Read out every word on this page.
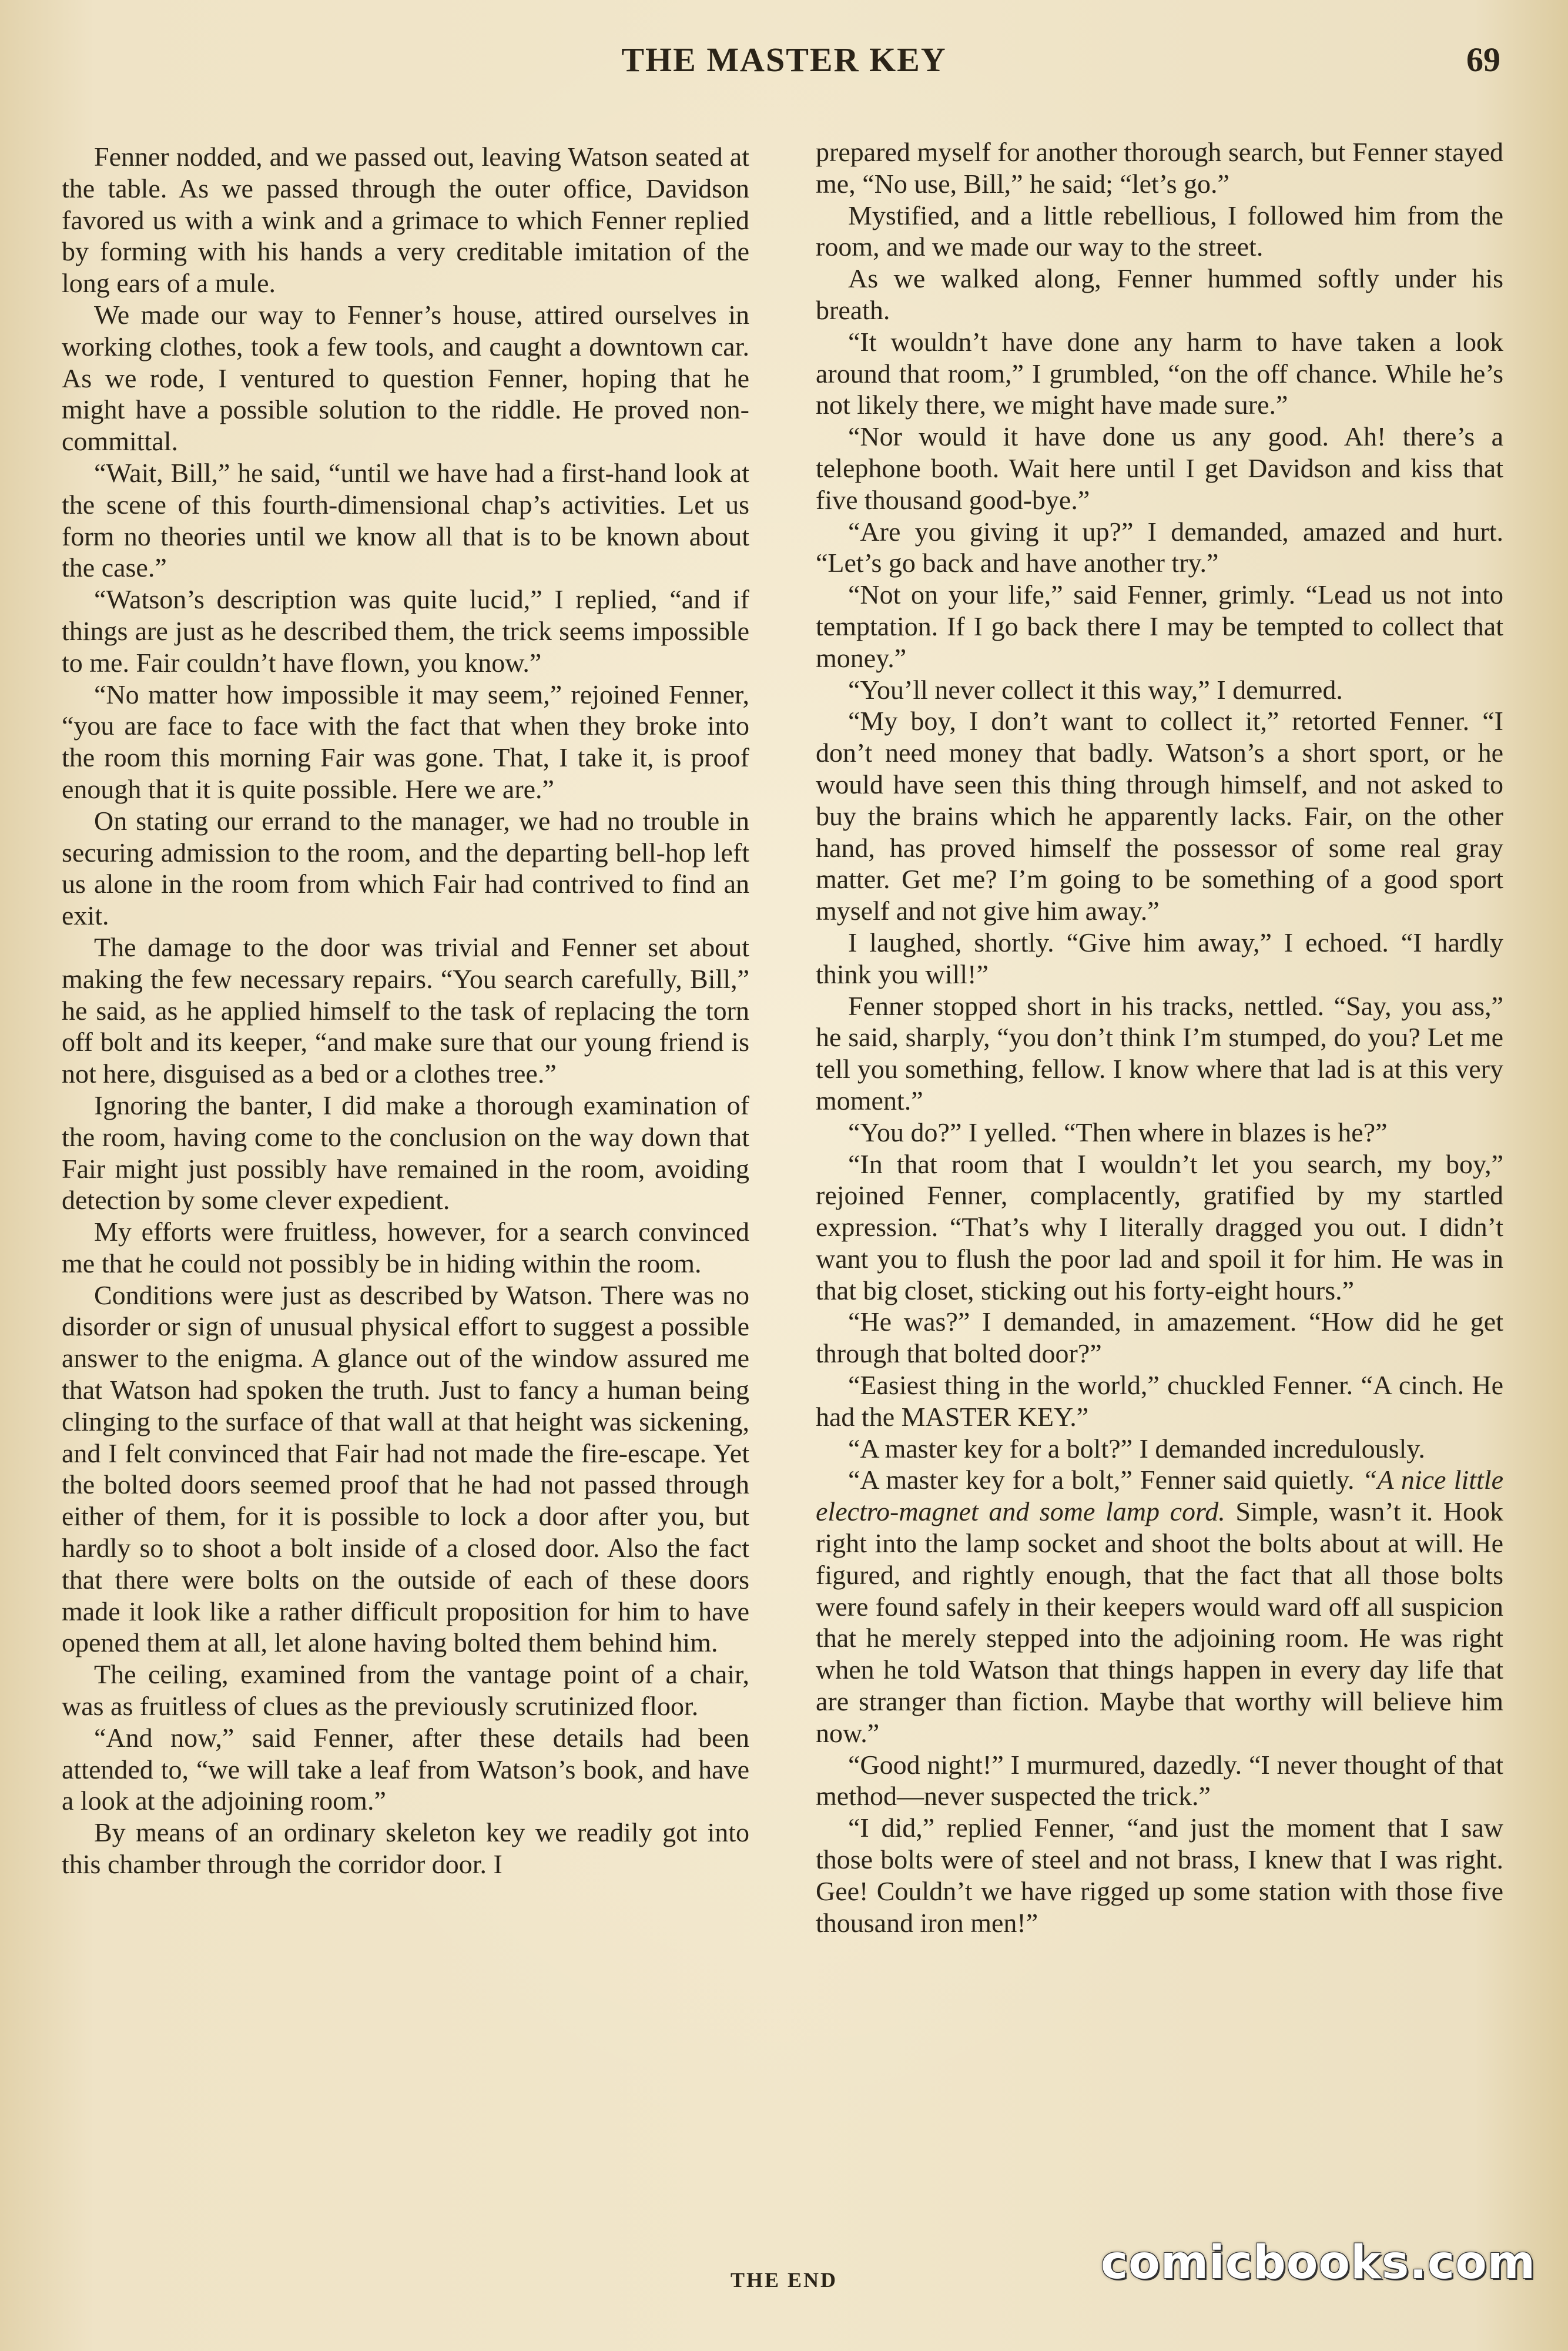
THE MASTER KEY	69

Fenner nodded, and we passed out, leaving Watson seated at the table. As we passed through the outer office, Davidson favored us with a wink and a grimace to which Fenner replied by forming with his hands a very creditable imitation of the long ears of a mule.

We made our way to Fenner’s house, attired ourselves in working clothes, took a few tools, and caught a downtown car. As we rode, I ventured to question Fenner, hoping that he might have a possible solution to the riddle. He proved non-committal.

“Wait, Bill,” he said, “until we have had a first-hand look at the scene of this fourth-dimensional chap’s activities. Let us form no theories until we know all that is to be known about the case.”

“Watson’s description was quite lucid,” I replied, “and if things are just as he described them, the trick seems impossible to me. Fair couldn’t have flown, you know.”

“No matter how impossible it may seem,” rejoined Fenner, “you are face to face with the fact that when they broke into the room this morning Fair was gone. That, I take it, is proof enough that it is quite possible. Here we are.”

On stating our errand to the manager, we had no trouble in securing admission to the room, and the departing bell-hop left us alone in the room from which Fair had contrived to find an exit.

The damage to the door was trivial and Fenner set about making the few necessary repairs. “You search carefully, Bill,” he said, as he applied himself to the task of replacing the torn off bolt and its keeper, “and make sure that our young friend is not here, disguised as a bed or a clothes tree.”

Ignoring the banter, I did make a thorough examination of the room, having come to the conclusion on the way down that Fair might just possibly have remained in the room, avoiding detection by some clever expedient.

My efforts were fruitless, however, for a search convinced me that he could not possibly be in hiding within the room.

Conditions were just as described by Watson. There was no disorder or sign of unusual physical effort to suggest a possible answer to the enigma. A glance out of the window assured me that Watson had spoken the truth. Just to fancy a human being clinging to the surface of that wall at that height was sickening, and I felt convinced that Fair had not made the fire-escape. Yet the bolted doors seemed proof that he had not passed through either of them, for it is possible to lock a door after you, but hardly so to shoot a bolt inside of a closed door. Also the fact that there were bolts on the outside of each of these doors made it look like a rather difficult proposition for him to have opened them at all, let alone having bolted them behind him.

The ceiling, examined from the vantage point of a chair, was as fruitless of clues as the previously scrutinized floor.

“And now,” said Fenner, after these details had been attended to, “we will take a leaf from Watson’s book, and have a look at the adjoining room.”

By means of an ordinary skeleton key we readily got into this chamber through the corridor door. I

prepared myself for another thorough search, but Fenner stayed me, “No use, Bill,” he said; “let’s go.”

Mystified, and a little rebellious, I followed him from the room, and we made our way to the street.

As we walked along, Fenner hummed softly under his breath.

“It wouldn’t have done any harm to have taken a look around that room,” I grumbled, “on the off chance. While he’s not likely there, we might have made sure.”

“Nor would it have done us any good. Ah! there’s a telephone booth. Wait here until I get Davidson and kiss that five thousand good-bye.”

“Are you giving it up?” I demanded, amazed and hurt. “Let’s go back and have another try.”

“Not on your life,” said Fenner, grimly. “Lead us not into temptation. If I go back there I may be tempted to collect that money.”

“You’ll never collect it this way,” I demurred.

“My boy, I don’t want to collect it,” retorted Fenner. “I don’t need money that badly. Watson’s a short sport, or he would have seen this thing through himself, and not asked to buy the brains which he apparently lacks. Fair, on the other hand, has proved himself the possessor of some real gray matter. Get me? I’m going to be something of a good sport myself and not give him away.”

I laughed, shortly. “Give him away,” I echoed. “I hardly think you will!”

Fenner stopped short in his tracks, nettled. “Say, you ass,” he said, sharply, “you don’t think I’m stumped, do you? Let me tell you something, fellow. I know where that lad is at this very moment.”

“You do?” I yelled. “Then where in blazes is he?”

“In that room that I wouldn’t let you search, my boy,” rejoined Fenner, complacently, gratified by my startled expression. “That’s why I literally dragged you out. I didn’t want you to flush the poor lad and spoil it for him. He was in that big closet, sticking out his forty-eight hours.”

“He was?” I demanded, in amazement. “How did he get through that bolted door?”

“Easiest thing in the world,” chuckled Fenner. “A cinch. He had the MASTER KEY.”

“A master key for a bolt?” I demanded incredulously.

“A master key for a bolt,” Fenner said quietly. “A nice little electro-magnet and some lamp cord. Simple, wasn’t it. Hook right into the lamp socket and shoot the bolts about at will. He figured, and rightly enough, that the fact that all those bolts were found safely in their keepers would ward off all suspicion that he merely stepped into the adjoining room. He was right when he told Watson that things happen in every day life that are stranger than fiction. Maybe that worthy will believe him now.”

“Good night!” I murmured, dazedly. “I never thought of that method—never suspected the trick.”

“I did,” replied Fenner, “and just the moment that I saw those bolts were of steel and not brass, I knew that I was right. Gee! Couldn’t we have rigged up some station with those five thousand iron men!”

THE END	comicbooks.com
